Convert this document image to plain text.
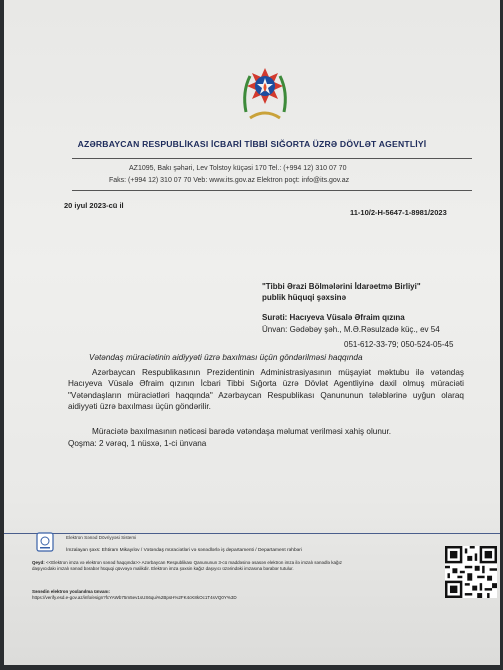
AZƏRBAYCAN RESPUBLİKASI İCBARİ TİBBİ SIĞORTA ÜZRƏ DÖVLƏT AGENTLİYİ
AZ1095, Bakı şəhəri, Lev Tolstoy küçəsi 170 Tel.: (+994 12) 310 07 70
Faks: (+994 12) 310 07 70 Veb: www.its.gov.az Elektron poçt: info@its.gov.az
20 iyul 2023-cü il
11-10/2-H-5647-1-8981/2023
"Tibbi Ərazi Bölmələrini İdarəetmə Birliyi"
publik hüquqi şəxsinə
Surəti: Hacıyeva Vüsalə Əfraim qızına
Ünvan: Gədəbəy şəh., M.Ə.Rəsulzadə küç., ev 54
051-612-33-79; 050-524-05-45
Vətəndaş müraciətinin aidiyyəti üzrə baxılması üçün göndərilməsi haqqında

Azərbaycan Respublikasının Prezidentinin Administrasiyasının müşayiət məktubu ilə vətəndaş Hacıyeva Vüsalə Əfraim qızının İcbari Tibbi Sığorta üzrə Dövlət Agentliyinə daxil olmuş müraciəti "Vətəndaşların müraciətləri haqqında" Azərbaycan Respublikası Qanununun tələblərinə uyğun olaraq aidiyyəti üzrə baxılması üçün göndərilir.

Müraciətə baxılmasının nəticəsi barədə vətəndaşa məlumat verilməsi xahiş olunur.
Qoşma: 2 vərəq, 1 nüsxə, 1-ci ünvana
Elektron Sənəd Dövriyyəsi Sistemi
İmzalayan şəxs: Ehtiram Mikayılov / Vətəndaş müraciətləri və sənədlərlə iş departamenti / Departament rəhbəri
Qeyd: <<Elektron imza və elektron sənəd haqqında>> Azərbaycan Respublikası Qanununun 3-cü maddəsinə əsasən elektron imza ilə imzalı sənədlə kağız daşıyıcıdakı imzalı sənəd bərabər hüquqi qüvvəyə malikdir. Elektron imza şəxsin kağız daşıyıcı üzərindəki imzasına bərabər tutulur.
Sənədin elektron yoxlanılma ünvanı:
https://verify.esd.e-gov.az/info/esign?fcYAWb75m5ev1sUS6qui%2BpsH%2FK4cK8kOc1T4sVQ0Y%3D
